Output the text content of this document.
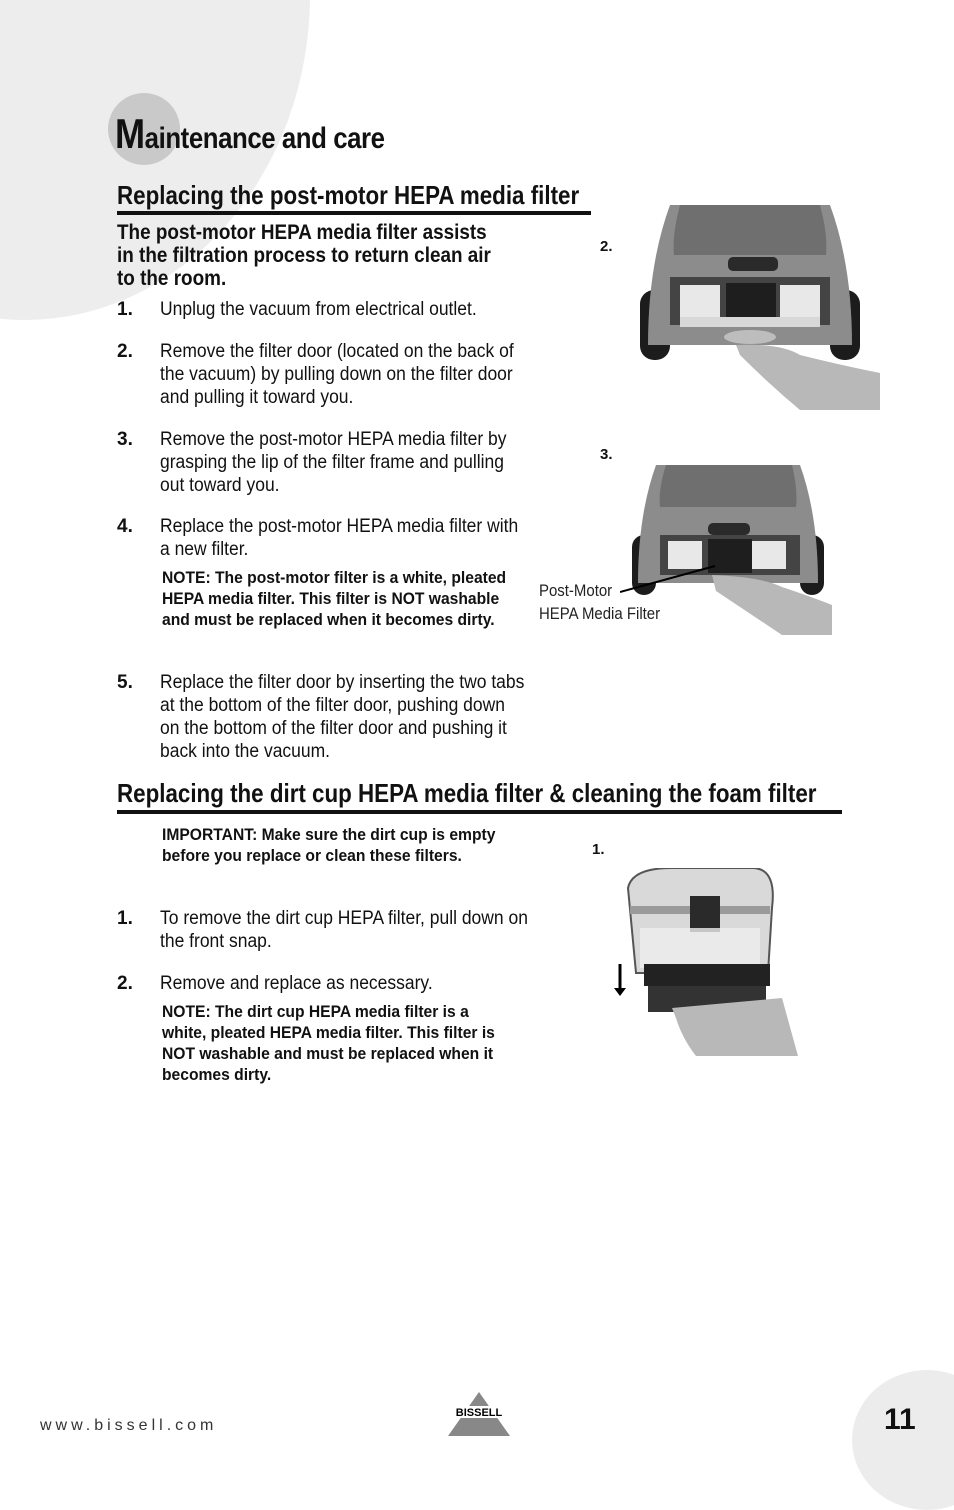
Maintenance and care
Replacing the post-motor HEPA media filter
The post-motor HEPA media filter assists in the filtration process to return clean air to the room.
1. Unplug the vacuum from electrical outlet.
2. Remove the filter door (located on the back of the vacuum) by pulling down on the filter door and pulling it toward you.
3. Remove the post-motor HEPA media filter by grasping the lip of the filter frame and pulling out toward you.
4. Replace the post-motor HEPA media filter with a new filter.
NOTE: The post-motor filter is a white, pleated HEPA media filter. This filter is NOT washable and must be replaced when it becomes dirty.
5. Replace the filter door by inserting the two tabs at the bottom of the filter door, pushing down on the bottom of the filter door and pushing it back into the vacuum.
2.
3.
Post-Motor
HEPA Media Filter
Replacing the dirt cup HEPA media filter & cleaning the foam filter
IMPORTANT: Make sure the dirt cup is empty before you replace or clean these filters.
1. To remove the dirt cup HEPA filter, pull down on the front snap.
2. Remove and replace as necessary.
NOTE: The dirt cup HEPA media filter is a white, pleated HEPA media filter. This filter is NOT washable and must be replaced when it becomes dirty.
1.
www.bissell.com
BISSELL	11
